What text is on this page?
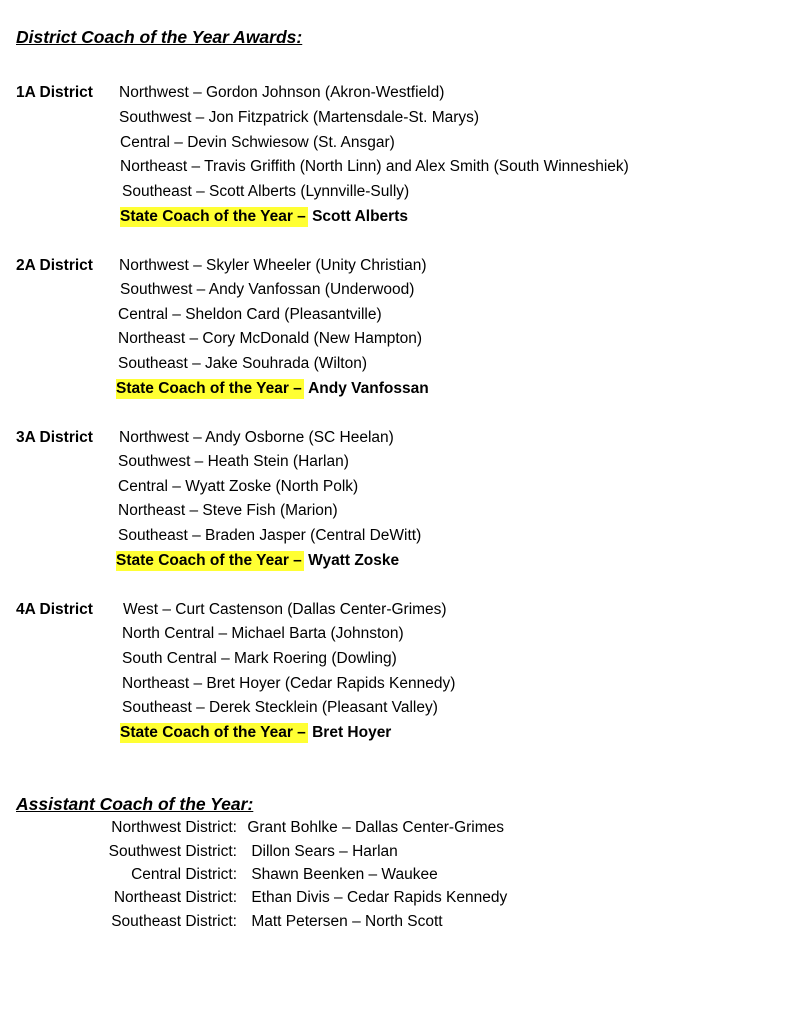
District Coach of the Year Awards:
1A District Northwest – Gordon Johnson (Akron-Westfield)
Southwest – Jon Fitzpatrick (Martensdale-St. Marys)
Central – Devin Schwiesow (St. Ansgar)
Northeast – Travis Griffith (North Linn) and Alex Smith (South Winneshiek)
Southeast – Scott Alberts (Lynnville-Sully)
State Coach of the Year – Scott Alberts
2A District Northwest – Skyler Wheeler (Unity Christian)
Southwest – Andy Vanfossan (Underwood)
Central – Sheldon Card (Pleasantville)
Northeast – Cory McDonald (New Hampton)
Southeast – Jake Souhrada (Wilton)
State Coach of the Year – Andy Vanfossan
3A District Northwest – Andy Osborne (SC Heelan)
Southwest – Heath Stein (Harlan)
Central – Wyatt Zoske (North Polk)
Northeast – Steve Fish (Marion)
Southeast – Braden Jasper (Central DeWitt)
State Coach of the Year – Wyatt Zoske
4A District West – Curt Castenson (Dallas Center-Grimes)
North Central – Michael Barta (Johnston)
South Central – Mark Roering (Dowling)
Northeast – Bret Hoyer (Cedar Rapids Kennedy)
Southeast – Derek Stecklein (Pleasant Valley)
State Coach of the Year – Bret Hoyer
Assistant Coach of the Year:
Northwest District: Grant Bohlke – Dallas Center-Grimes
Southwest District: Dillon Sears – Harlan
Central District: Shawn Beenken – Waukee
Northeast District: Ethan Divis – Cedar Rapids Kennedy
Southeast District: Matt Petersen – North Scott
